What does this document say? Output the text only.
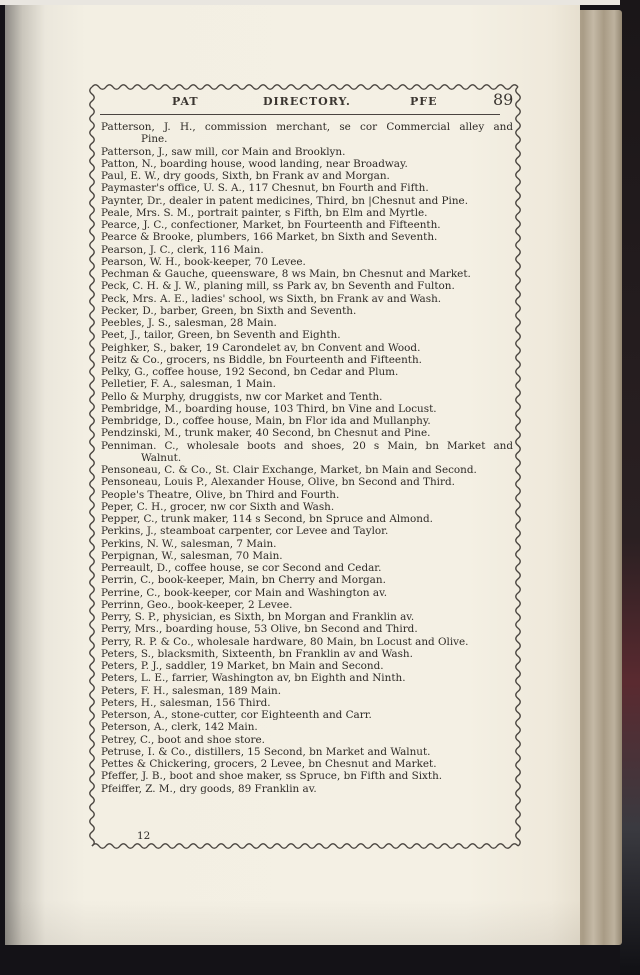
PAT	DIRECTORY.	PFE	89
Patterson, J. H., commission merchant, se cor Commercial alley and
Pine.
Patterson, J., saw mill, cor Main and Brooklyn.
Patton, N., boarding house, wood landing, near Broadway.
Paul, E. W., dry goods, Sixth, bn Frank av and Morgan.
Paymaster's office, U. S. A., 117 Chesnut, bn Fourth and Fifth.
Paynter, Dr., dealer in patent medicines, Third, bn |Chesnut and Pine.
Peale, Mrs. S. M., portrait painter, s Fifth, bn Elm and Myrtle.
Pearce, J. C., confectioner, Market, bn Fourteenth and Fifteenth.
Pearce & Brooke, plumbers, 166 Market, bn Sixth and Seventh.
Pearson, J. C., clerk, 116 Main.
Pearson, W. H., book-keeper, 70 Levee.
Pechman & Gauche, queensware, 8 ws Main, bn Chesnut and Market.
Peck, C. H. & J. W., planing mill, ss Park av, bn Seventh and Fulton.
Peck, Mrs. A. E., ladies' school, ws Sixth, bn Frank av and Wash.
Pecker, D., barber, Green, bn Sixth and Seventh.
Peebles, J. S., salesman, 28 Main.
Peet, J., tailor, Green, bn Seventh and Eighth.
Peighker, S., baker, 19 Carondelet av, bn Convent and Wood.
Peitz & Co., grocers, ns Biddle, bn Fourteenth and Fifteenth.
Pelky, G., coffee house, 192 Second, bn Cedar and Plum.
Pelletier, F. A., salesman, 1 Main.
Pello & Murphy, druggists, nw cor Market and Tenth.
Pembridge, M., boarding house, 103 Third, bn Vine and Locust.
Pembridge, D., coffee house, Main, bn Flor ida and Mullanphy.
Pendzinski, M., trunk maker, 40 Second, bn Chesnut and Pine.
Penniman. C., wholesale boots and shoes, 20 s Main, bn Market and
Walnut.
Pensoneau, C. & Co., St. Clair Exchange, Market, bn Main and Second.
Pensoneau, Louis P., Alexander House, Olive, bn Second and Third.
People's Theatre, Olive, bn Third and Fourth.
Peper, C. H., grocer, nw cor Sixth and Wash.
Pepper, C., trunk maker, 114 s Second, bn Spruce and Almond.
Perkins, J., steamboat carpenter, cor Levee and Taylor.
Perkins, N. W., salesman, 7 Main.
Perpignan, W., salesman, 70 Main.
Perreault, D., coffee house, se cor Second and Cedar.
Perrin, C., book-keeper, Main, bn Cherry and Morgan.
Perrine, C., book-keeper, cor Main and Washington av.
Perrinn, Geo., book-keeper, 2 Levee.
Perry, S. P., physician, es Sixth, bn Morgan and Franklin av.
Perry, Mrs., boarding house, 53 Olive, bn Second and Third.
Perry, R. P. & Co., wholesale hardware, 80 Main, bn Locust and Olive.
Peters, S., blacksmith, Sixteenth, bn Franklin av and Wash.
Peters, P. J., saddler, 19 Market, bn Main and Second.
Peters, L. E., farrier, Washington av, bn Eighth and Ninth.
Peters, F. H., salesman, 189 Main.
Peters, H., salesman, 156 Third.
Peterson, A., stone-cutter, cor Eighteenth and Carr.
Peterson, A., clerk, 142 Main.
Petrey, C., boot and shoe store.
Petruse, I. & Co., distillers, 15 Second, bn Market and Walnut.
Pettes & Chickering, grocers, 2 Levee, bn Chesnut and Market.
Pfeffer, J. B., boot and shoe maker, ss Spruce, bn Fifth and Sixth.
Pfeiffer, Z. M., dry goods, 89 Franklin av.
12
